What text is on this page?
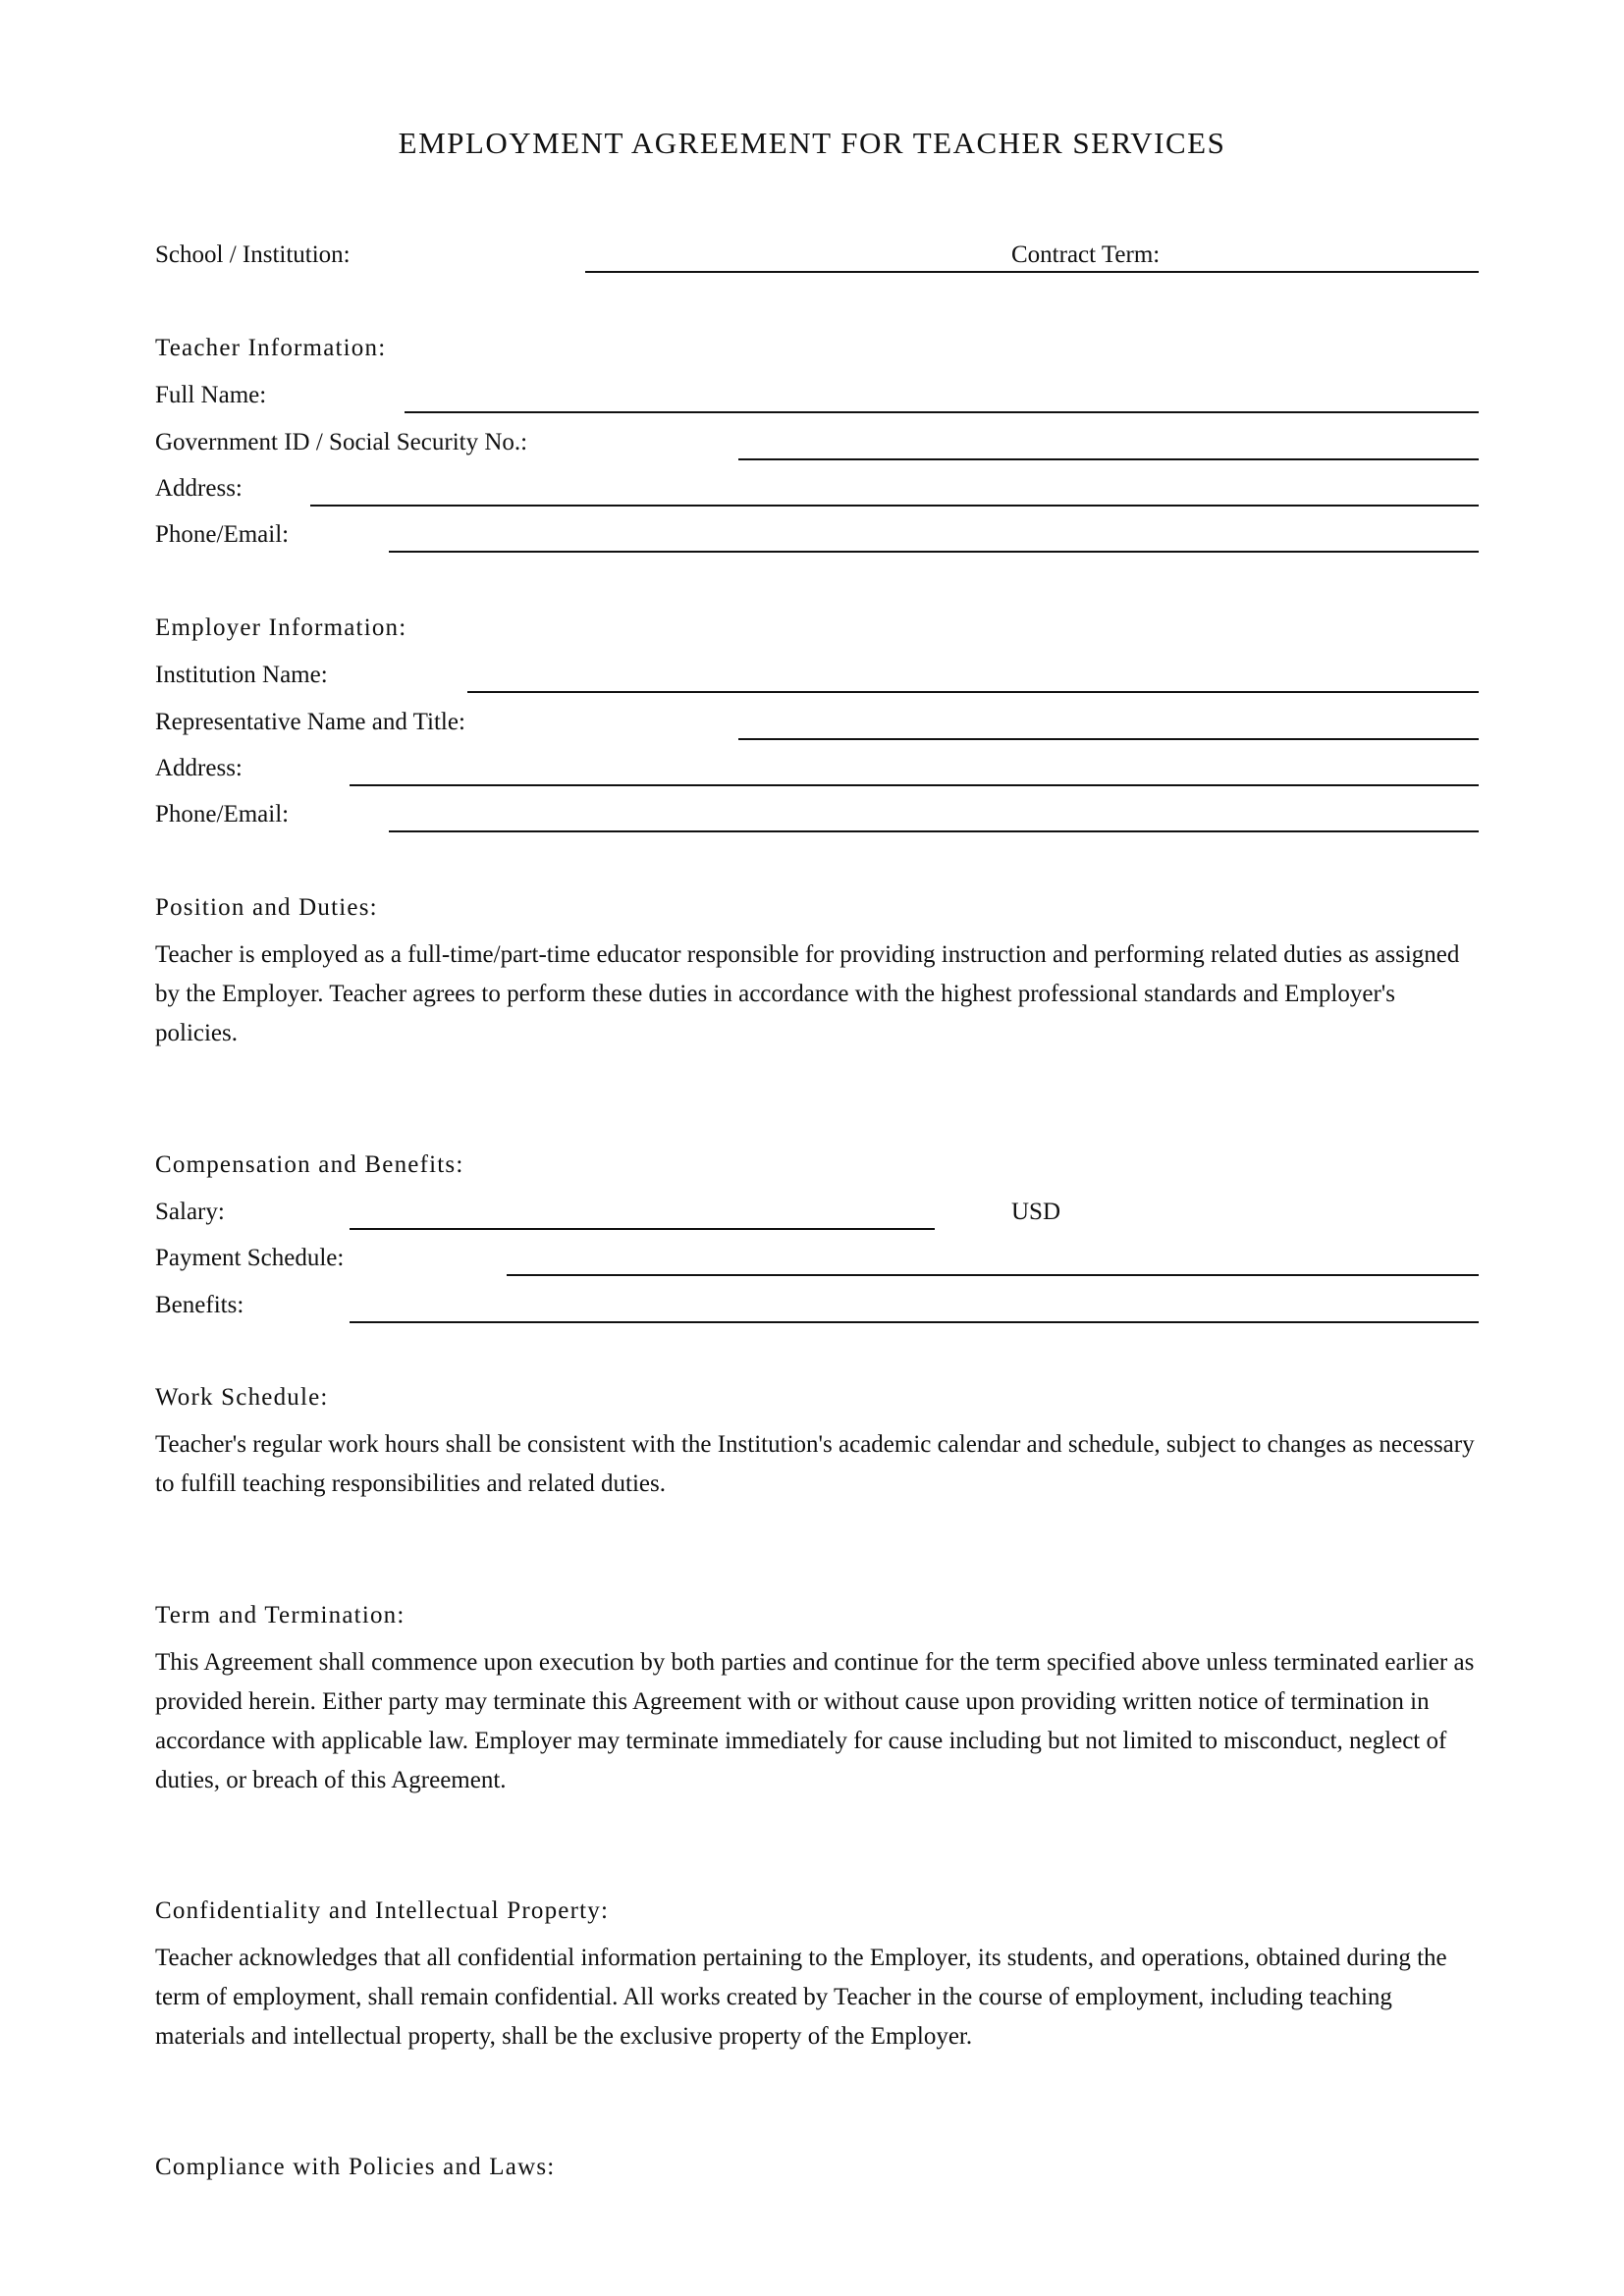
EMPLOYMENT AGREEMENT FOR TEACHER SERVICES
School / Institution:	Contract Term:
Teacher Information:
Full Name:
Government ID / Social Security No.:
Address:
Phone/Email:
Employer Information:
Institution Name:
Representative Name and Title:
Address:
Phone/Email:
Position and Duties:
Teacher is employed as a full-time/part-time educator responsible for providing instruction and performing related duties as assigned by the Employer. Teacher agrees to perform these duties in accordance with the highest professional standards and Employer's policies.
Compensation and Benefits:
Salary:	USD
Payment Schedule:
Benefits:
Work Schedule:
Teacher's regular work hours shall be consistent with the Institution's academic calendar and schedule, subject to changes as necessary to fulfill teaching responsibilities and related duties.
Term and Termination:
This Agreement shall commence upon execution by both parties and continue for the term specified above unless terminated earlier as provided herein. Either party may terminate this Agreement with or without cause upon providing written notice of termination in accordance with applicable law. Employer may terminate immediately for cause including but not limited to misconduct, neglect of duties, or breach of this Agreement.
Confidentiality and Intellectual Property:
Teacher acknowledges that all confidential information pertaining to the Employer, its students, and operations, obtained during the term of employment, shall remain confidential. All works created by Teacher in the course of employment, including teaching materials and intellectual property, shall be the exclusive property of the Employer.
Compliance with Policies and Laws:
